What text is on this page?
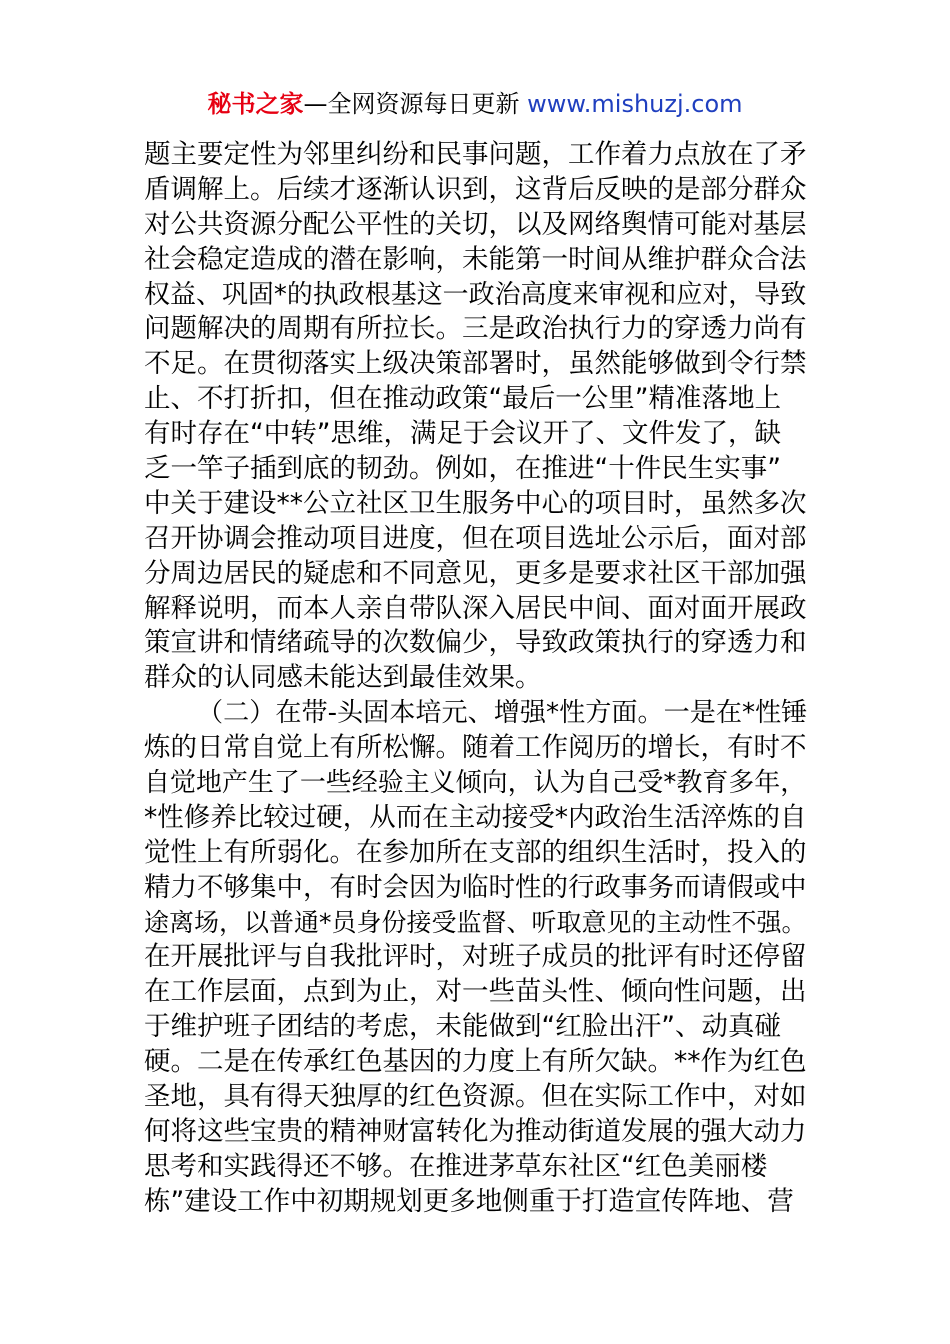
秘书之家—全网资源每日更新 www.mishuzj.com
题主要定性为邻里纠纷和民事问题，工作着力点放在了矛
盾调解上。后续才逐渐认识到，这背后反映的是部分群众
对公共资源分配公平性的关切，以及网络舆情可能对基层
社会稳定造成的潜在影响，未能第一时间从维护群众合法
权益、巩固*的执政根基这一政治高度来审视和应对，导致
问题解决的周期有所拉长。三是政治执行力的穿透力尚有
不足。在贯彻落实上级决策部署时，虽然能够做到令行禁
止、不打折扣，但在推动政策“最后一公里”精准落地上
有时存在“中转”思维，满足于会议开了、文件发了，缺
乏一竿子插到底的韧劲。例如，在推进“十件民生实事”
中关于建设**公立社区卫生服务中心的项目时，虽然多次
召开协调会推动项目进度，但在项目选址公示后，面对部
分周边居民的疑虑和不同意见，更多是要求社区干部加强
解释说明，而本人亲自带队深入居民中间、面对面开展政
策宣讲和情绪疏导的次数偏少，导致政策执行的穿透力和
群众的认同感未能达到最佳效果。
（二）在带-头固本培元、增强*性方面。一是在*性锤
炼的日常自觉上有所松懈。随着工作阅历的增长，有时不
自觉地产生了一些经验主义倾向，认为自己受*教育多年，
*性修养比较过硬，从而在主动接受*内政治生活淬炼的自
觉性上有所弱化。在参加所在支部的组织生活时，投入的
精力不够集中，有时会因为临时性的行政事务而请假或中
途离场，以普通*员身份接受监督、听取意见的主动性不强。
在开展批评与自我批评时，对班子成员的批评有时还停留
在工作层面，点到为止，对一些苗头性、倾向性问题，出
于维护班子团结的考虑，未能做到“红脸出汗”、动真碰
硬。二是在传承红色基因的力度上有所欠缺。**作为红色
圣地，具有得天独厚的红色资源。但在实际工作中，对如
何将这些宝贵的精神财富转化为推动街道发展的强大动力
思考和实践得还不够。在推进茅草东社区“红色美丽楼
栋”建设工作中初期规划更多地侧重于打造宣传阵地、营
